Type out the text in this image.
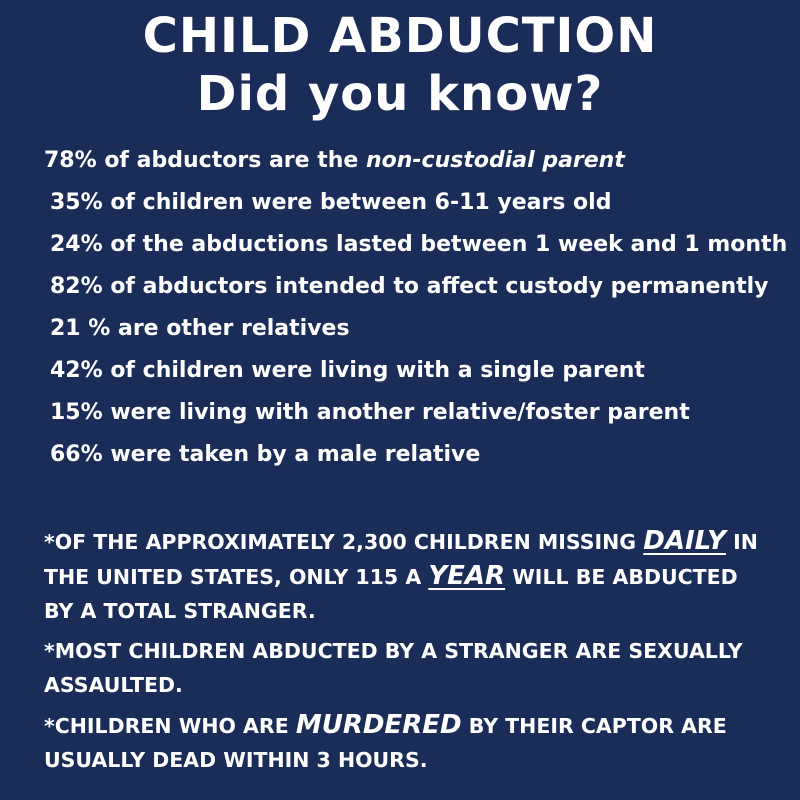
CHILD ABDUCTION
Did you know?
78% of abductors are the non-custodial parent
35% of children were between 6-11 years old
24% of the abductions lasted between 1 week and 1 month
82% of abductors intended to affect custody permanently
21 % are other relatives
42% of children were living with a single parent
15% were living with another relative/foster parent
66% were taken by a male relative
*OF THE APPROXIMATELY 2,300 CHILDREN MISSING DAILY IN THE UNITED STATES, ONLY 115 A YEAR WILL BE ABDUCTED BY A TOTAL STRANGER.
*MOST CHILDREN ABDUCTED BY A STRANGER ARE SEXUALLY ASSAULTED.
*CHILDREN WHO ARE MURDERED BY THEIR CAPTOR ARE USUALLY DEAD WITHIN 3 HOURS.
